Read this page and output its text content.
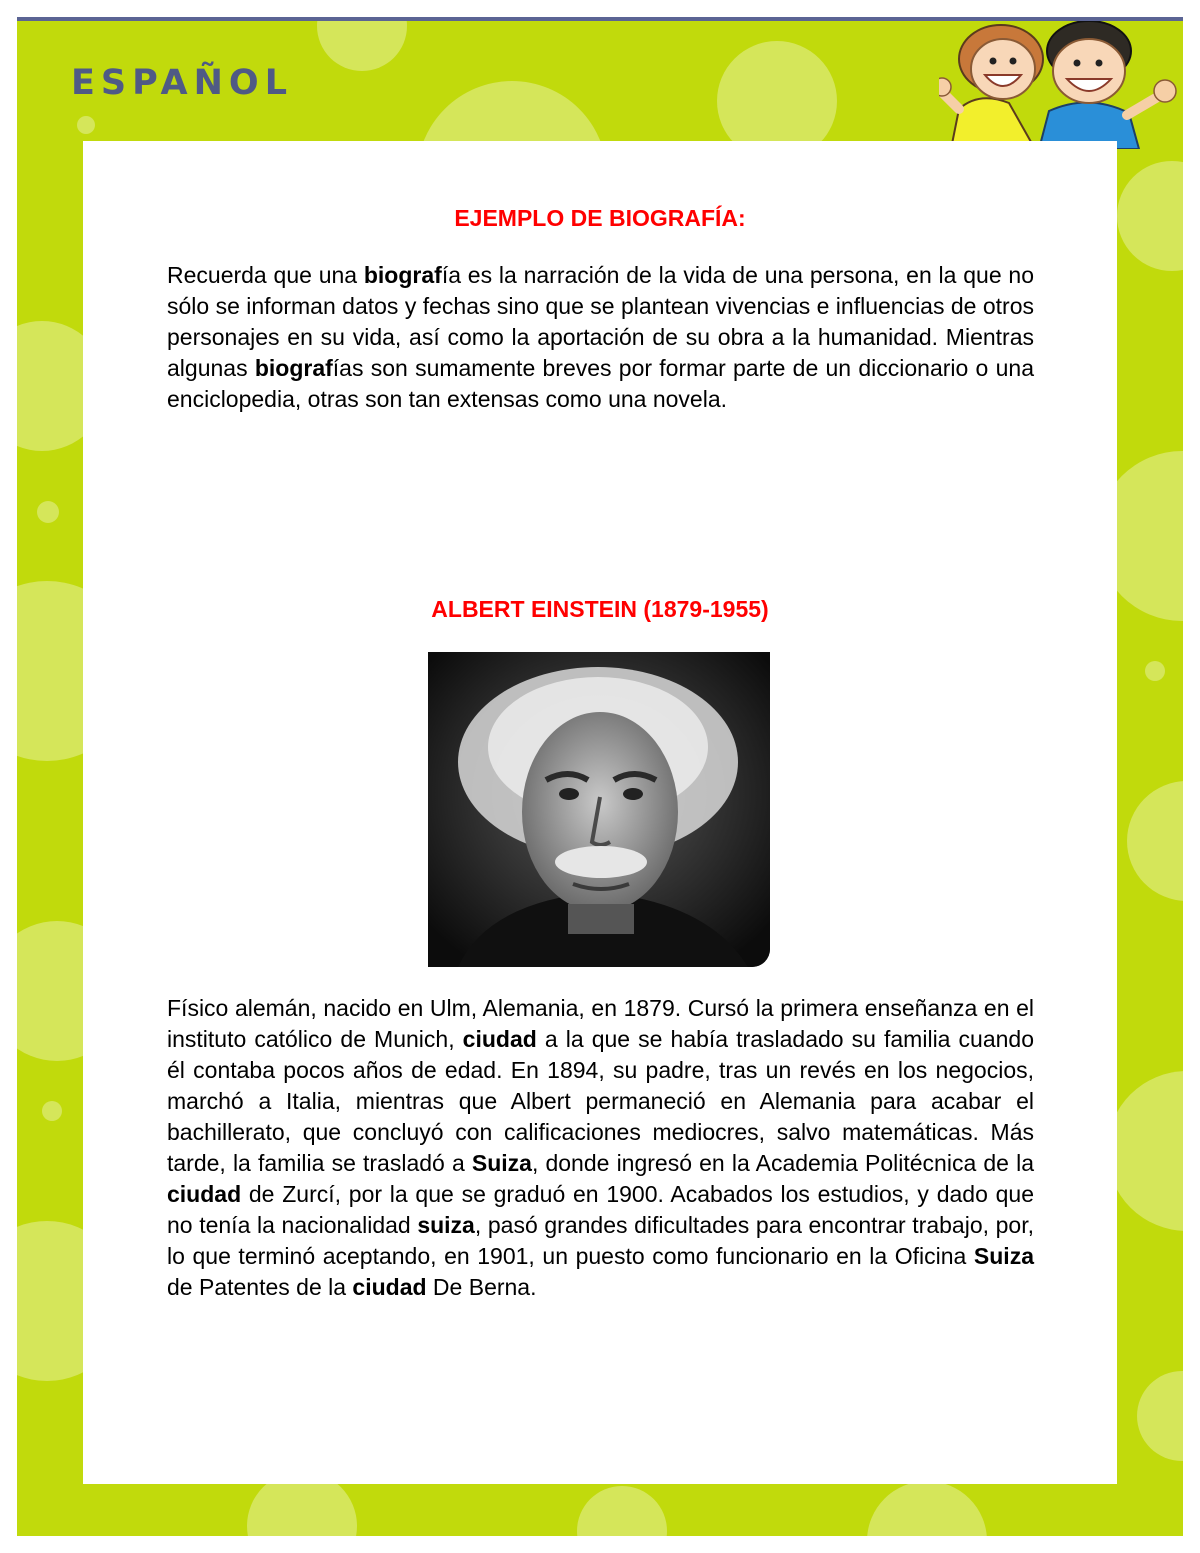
ESPAÑOL
EJEMPLO DE BIOGRAFÍA:
Recuerda que una biografía es la narración de la vida de una persona, en la que no sólo se informan datos y fechas sino que se plantean vivencias e influencias de otros personajes en su vida, así como la aportación de su obra a la humanidad. Mientras algunas biografías son sumamente breves por formar parte de un diccionario o una enciclopedia, otras son tan extensas como una novela.
ALBERT EINSTEIN (1879-1955)
Físico alemán, nacido en Ulm, Alemania, en 1879. Cursó la primera enseñanza en el instituto católico de Munich, ciudad a la que se había trasladado su familia cuando él contaba pocos años de edad. En 1894, su padre, tras un revés en los negocios, marchó a Italia, mientras que Albert permaneció en Alemania para acabar el bachillerato, que concluyó con calificaciones mediocres, salvo matemáticas. Más tarde, la familia se trasladó a Suiza, donde ingresó en la Academia Politécnica de la ciudad de Zurcí, por la que se graduó en 1900. Acabados los estudios, y dado que no tenía la nacionalidad suiza, pasó grandes dificultades para encontrar trabajo, por, lo que terminó aceptando, en 1901, un puesto como funcionario en la Oficina Suiza de Patentes de la ciudad De Berna.
